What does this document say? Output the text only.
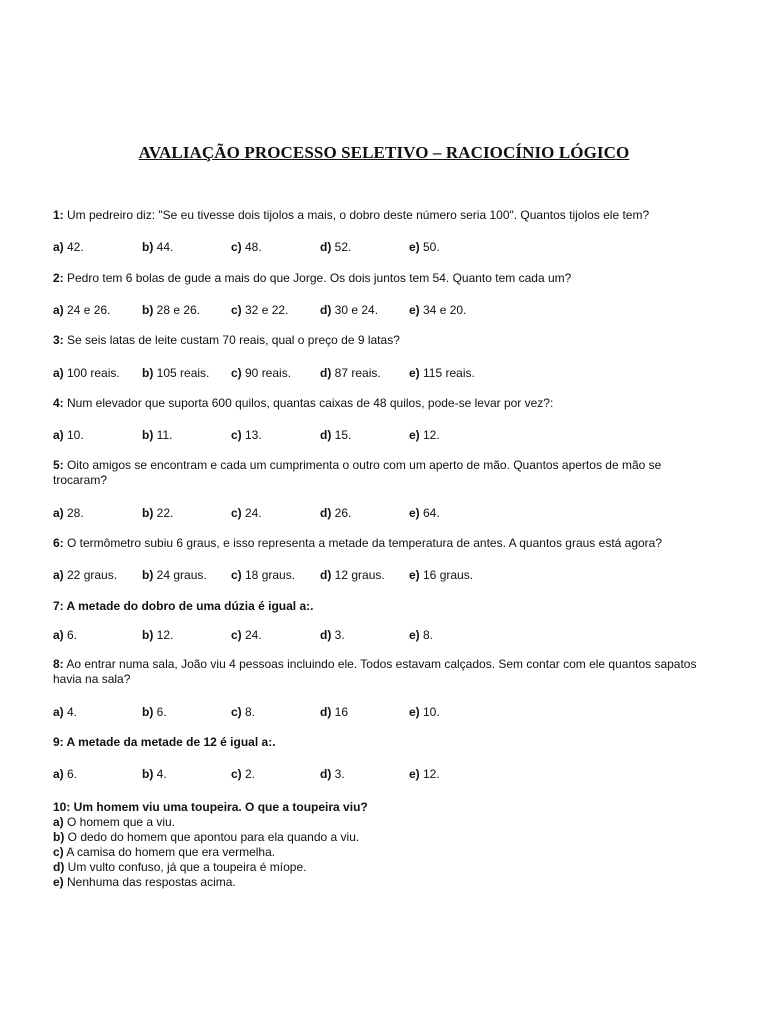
AVALIAÇÃO PROCESSO SELETIVO – RACIOCÍNIO LÓGICO
1: Um pedreiro diz: "Se eu tivesse dois tijolos a mais, o dobro deste número seria 100". Quantos tijolos ele tem?
a) 42.	b) 44.	c) 48.	d) 52.	e) 50.
2: Pedro tem 6 bolas de gude a mais do que Jorge. Os dois juntos tem 54. Quanto tem cada um?
a) 24 e 26.	b) 28 e 26.	c) 32 e 22.	d) 30 e 24.	e) 34 e 20.
3: Se seis latas de leite custam 70 reais, qual o preço de 9 latas?
a) 100 reais. b) 105 reais. c) 90 reais. d) 87 reais. e) 115 reais.
4: Num elevador que suporta 600 quilos, quantas caixas de 48 quilos, pode-se levar por vez?:
a) 10.	b) 11.	c) 13.	d) 15.	e) 12.
5: Oito amigos se encontram e cada um cumprimenta o outro com um aperto de mão. Quantos apertos de mão se trocaram?
a) 28.	b) 22.	c) 24.	d) 26.	e) 64.
6: O termômetro subiu 6 graus, e isso representa a metade da temperatura de antes. A quantos graus está agora?
a) 22 graus. b) 24 graus. c) 18 graus. d) 12 graus. e) 16 graus.
7: A metade do dobro de uma dúzia é igual a:.
a) 6.	b) 12.	c) 24.	d) 3.	e) 8.
8: Ao entrar numa sala, João viu 4 pessoas incluindo ele. Todos estavam calçados. Sem contar com ele quantos sapatos havia na sala?
a) 4.	b) 6.	c) 8.	d) 16	e) 10.
9: A metade da metade de 12 é igual a:.
a) 6.	b) 4.	c) 2.	d) 3.	e) 12.
10: Um homem viu uma toupeira. O que a toupeira viu?
a) O homem que a viu.
b) O dedo do homem que apontou para ela quando a viu.
c) A camisa do homem que era vermelha.
d) Um vulto confuso, já que a toupeira é míope.
e) Nenhuma das respostas acima.
